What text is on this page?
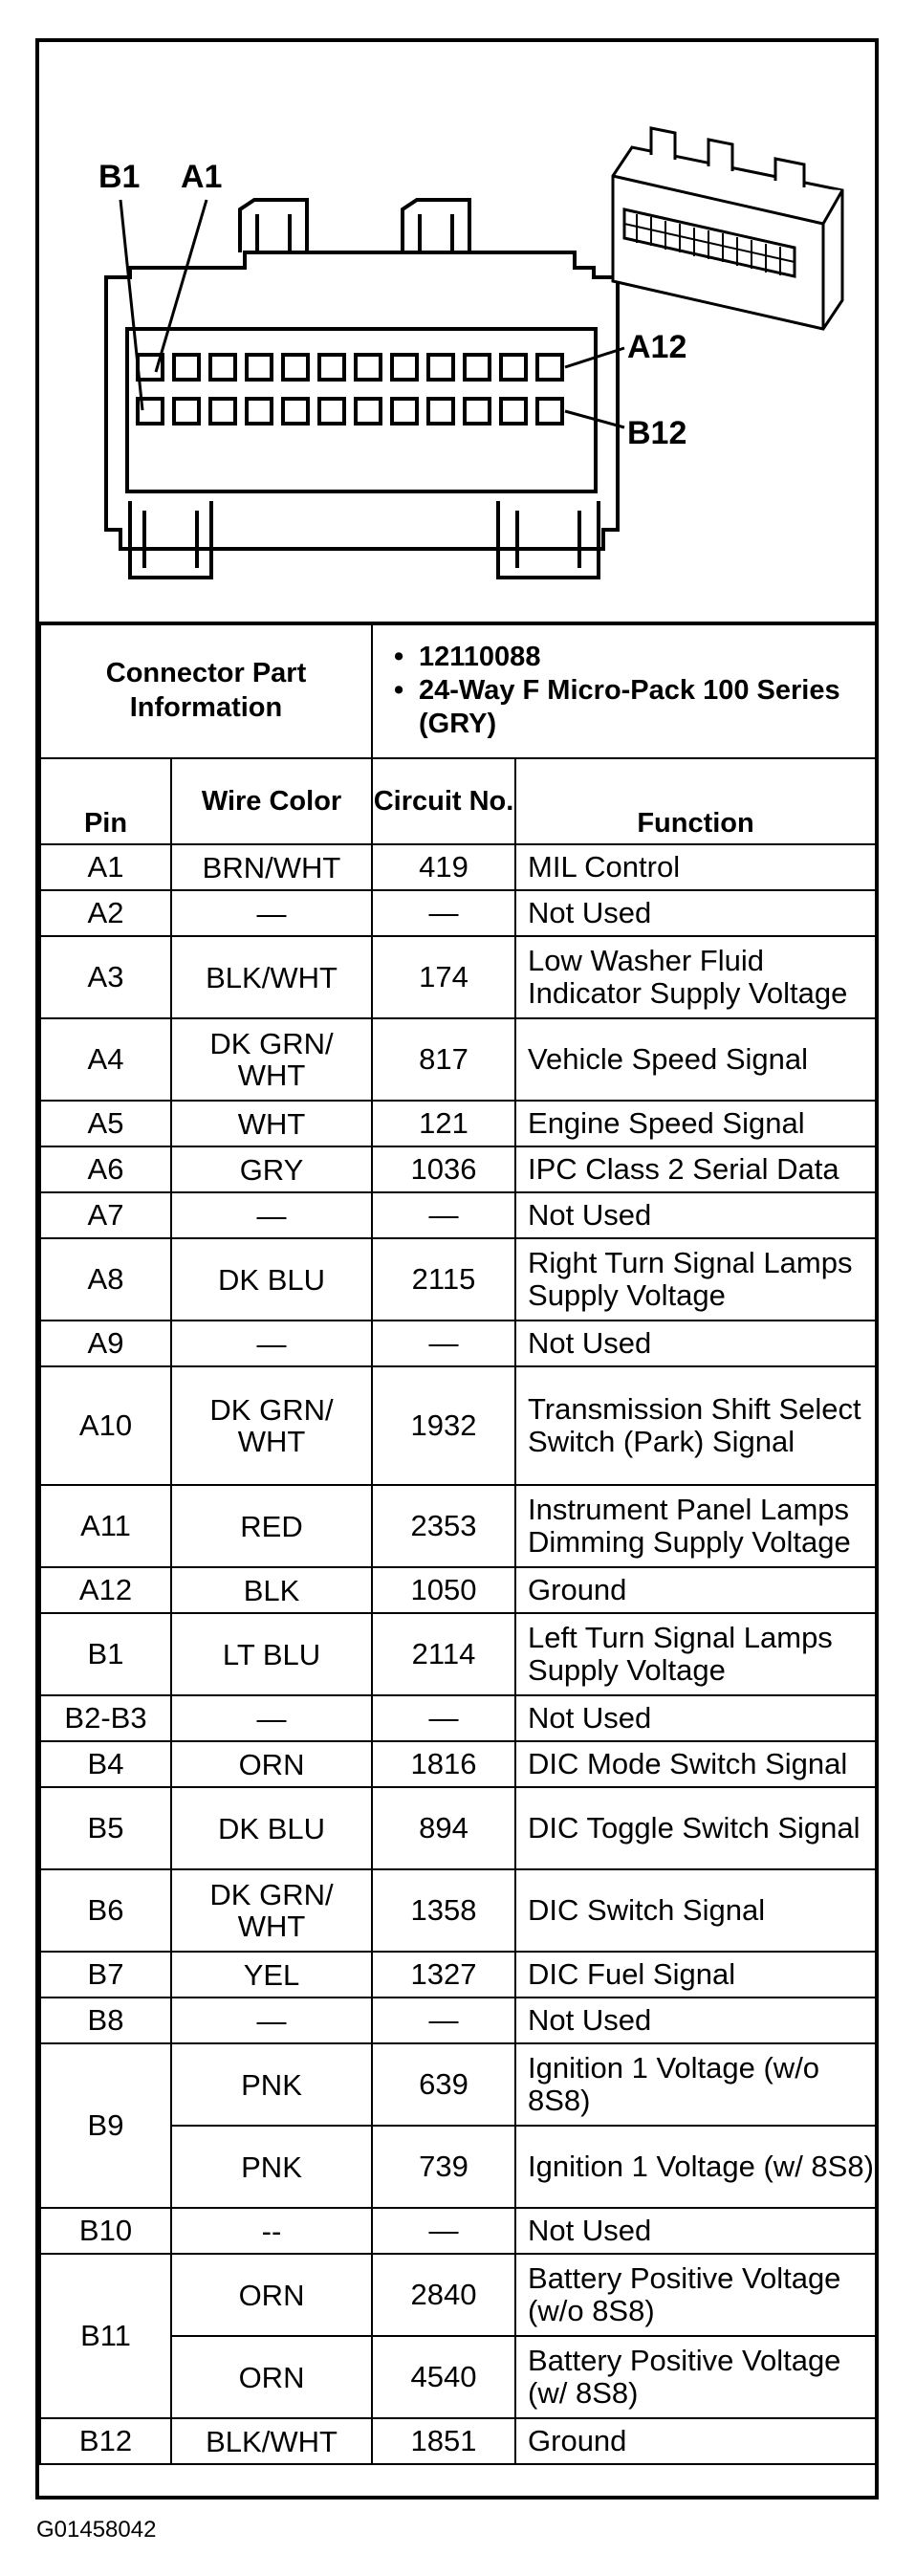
B1 A1
A12
B12
Connector Part Information		• 12110088
• 24-Way F Micro-Pack 100 Series (GRY)

Pin	Wire Color	Circuit No.	Function
A1	BRN/WHT	419	MIL Control
A2	—	—	Not Used
A3	BLK/WHT	174	Low Washer Fluid Indicator Supply Voltage
A4	DK GRN/ WHT	817	Vehicle Speed Signal
A5	WHT	121	Engine Speed Signal
A6	GRY	1036	IPC Class 2 Serial Data
A7	—	—	Not Used
A8	DK BLU	2115	Right Turn Signal Lamps Supply Voltage
A9	—	—	Not Used
A10	DK GRN/ WHT	1932	Transmission Shift Select Switch (Park) Signal
A11	RED	2353	Instrument Panel Lamps Dimming Supply Voltage
A12	BLK	1050	Ground
B1	LT BLU	2114	Left Turn Signal Lamps Supply Voltage
B2-B3	—	—	Not Used
B4	ORN	1816	DIC Mode Switch Signal
B5	DK BLU	894	DIC Toggle Switch Signal
B6	DK GRN/ WHT	1358	DIC Switch Signal
B7	YEL	1327	DIC Fuel Signal
B8	—	—	Not Used
B9	PNK	639	Ignition 1 Voltage (w/o 8S8)
	PNK	739	Ignition 1 Voltage (w/ 8S8)
B10	--	—	Not Used
B11	ORN	2840	Battery Positive Voltage (w/o 8S8)
	ORN	4540	Battery Positive Voltage (w/ 8S8)
B12	BLK/WHT	1851	Ground
G01458042
